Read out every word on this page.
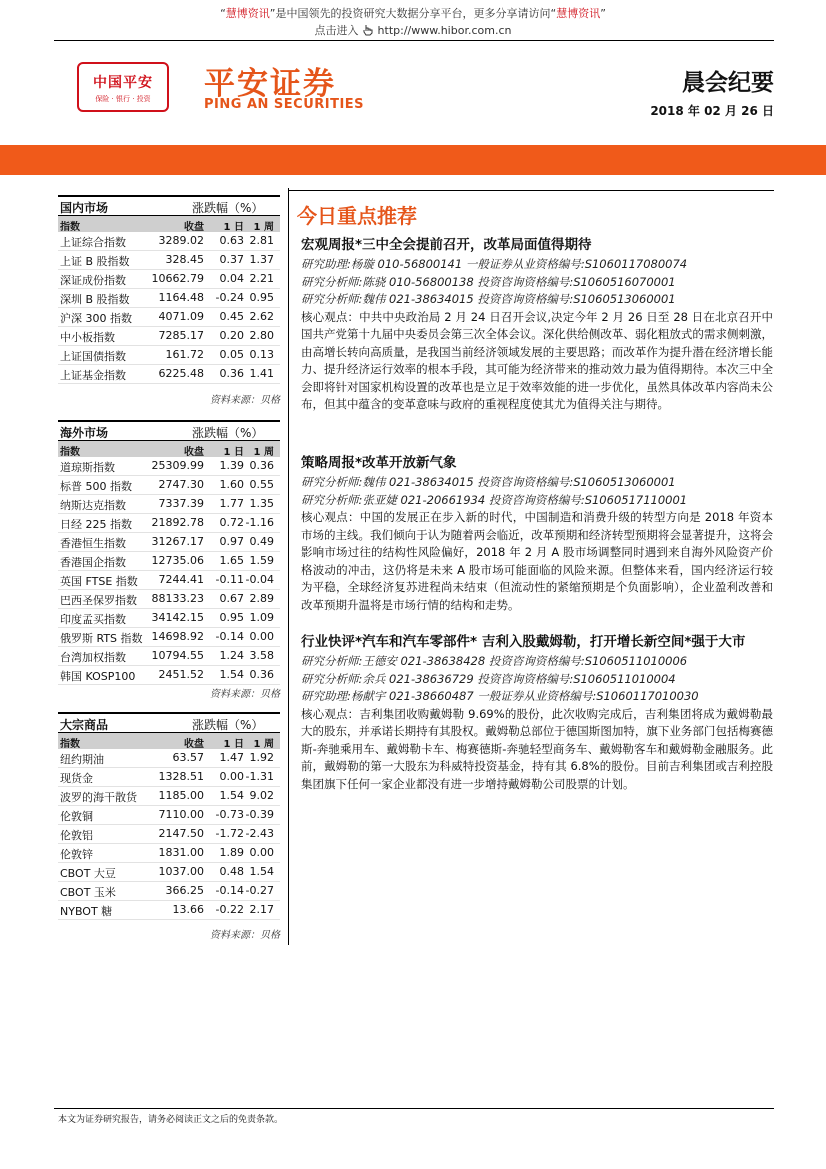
“慧博资讯”是中国领先的投资研究大数据分享平台，更多分享请访问“慧博资讯”
点击进入 http://www.hibor.com.cn
中国平安
保险 · 银行 · 投资	平安证券
PING AN SECURITIES
晨会纪要
2018 年 02 月 26 日
国内市场	涨跌幅（%）
指数	收盘 1 日 1 周
上证综合指数	3289.02 0.63 2.81
上证 B 股指数	328.45 0.37 1.37
深证成份指数 10662.79 0.04 2.21
深圳 B 股指数	1164.48 -0.24 0.95
沪深 300 指数 4071.09 0.45 2.62
中小板指数	7285.17 0.20 2.80
上证国债指数	161.72 0.05 0.13
上证基金指数	6225.48 0.36 1.41
资料来源：贝格
海外市场	涨跌幅（%）
指数	收盘 1 日 1 周
道琼斯指数	25309.99 1.39 0.36
标普 500 指数 2747.30 1.60 0.55
纳斯达克指数	7337.39 1.77 1.35
日经 225 指数 21892.78 0.72 -1.16
香港恒生指数 31267.17 0.97 0.49
香港国企指数 12735.06 1.65 1.59
英国 FTSE 指数 7244.41 -0.11 -0.04
巴西圣保罗指数 88133.23 0.67 2.89
印度孟买指数 34142.15 0.95 1.09
俄罗斯 RTS 指数 14698.92 -0.14 0.00
台湾加权指数 10794.55 1.24 3.58
韩国 KOSP100 2451.52 1.54 0.36
资料来源：贝格
大宗商品	涨跌幅（%）
指数	收盘 1 日 1 周
纽约期油	63.57 1.47 1.92
现货金	1328.51 0.00 -1.31
波罗的海干散货 1185.00 1.54 9.02
伦敦铜	7110.00 -0.73 -0.39
伦敦铝	2147.50 -1.72 -2.43
伦敦锌	1831.00 1.89 0.00
CBOT 大豆	1037.00 0.48 1.54
CBOT 玉米	366.25 -0.14 -0.27
NYBOT 糖	13.66 -0.22 2.17
资料来源：贝格
今日重点推荐
宏观周报*三中全会提前召开，改革局面值得期待
研究助理:杨璇 010-56800141 一般证券从业资格编号:S1060117080074
研究分析师:陈骁 010-56800138 投资咨询资格编号:S1060516070001
研究分析师:魏伟 021-38634015 投资咨询资格编号:S1060513060001

核心观点：中共中央政治局 2 月 24 日召开会议,决定今年 2 月 26 日至 28 日在北京召开中国共产党第十九届中央委员会第三次全体会议。深化供给侧改革、弱化粗放式的需求侧刺激，由高增长转向高质量，是我国当前经济领域发展的主要思路；而改革作为提升潜在经济增长能力、提升经济运行效率的根本手段，其可能为经济带来的推动效力最为值得期待。本次三中全会即将针对国家机构设置的改革也是立足于效率效能的进一步优化，虽然具体改革内容尚未公布，但其中蕴含的变革意味与政府的重视程度使其尤为值得关注与期待。

策略周报*改革开放新气象
研究分析师:魏伟 021-38634015 投资咨询资格编号:S1060513060001
研究分析师:张亚婕 021-20661934 投资咨询资格编号:S1060517110001

核心观点：中国的发展正在步入新的时代，中国制造和消费升级的转型方向是 2018 年资本市场的主线。我们倾向于认为随着两会临近，改革预期和经济转型预期将会显著提升，这将会影响市场过往的结构性风险偏好，2018 年 2 月 A 股市场调整同时遇到来自海外风险资产价格波动的冲击，这仍将是未来 A 股市场可能面临的风险来源。但整体来看，国内经济运行较为平稳，全球经济复苏进程尚未结束（但流动性的紧缩预期是个负面影响），企业盈利改善和改革预期升温将是市场行情的结构和走势。

行业快评*汽车和汽车零部件* 吉利入股戴姆勒，打开增长新空间*强于大市
研究分析师:王德安 021-38638428 投资咨询资格编号:S1060511010006
研究分析师:余兵 021-38636729 投资咨询资格编号:S1060511010004
研究助理:杨献宇 021-38660487 一般证券从业资格编号:S1060117010030

核心观点：吉利集团收购戴姆勒 9.69%的股份，此次收购完成后，吉利集团将成为戴姆勒最大的股东，并承诺长期持有其股权。戴姆勒总部位于德国斯图加特，旗下业务部门包括梅赛德斯-奔驰乘用车、戴姆勒卡车、梅赛德斯-奔驰轻型商务车、戴姆勒客车和戴姆勒金融服务。此前，戴姆勒的第一大股东为科威特投资基金，持有其 6.8%的股份。目前吉利集团或吉利控股集团旗下任何一家企业都没有进一步增持戴姆勒公司股票的计划。

本文为证券研究报告，请务必阅读正文之后的免责条款。
